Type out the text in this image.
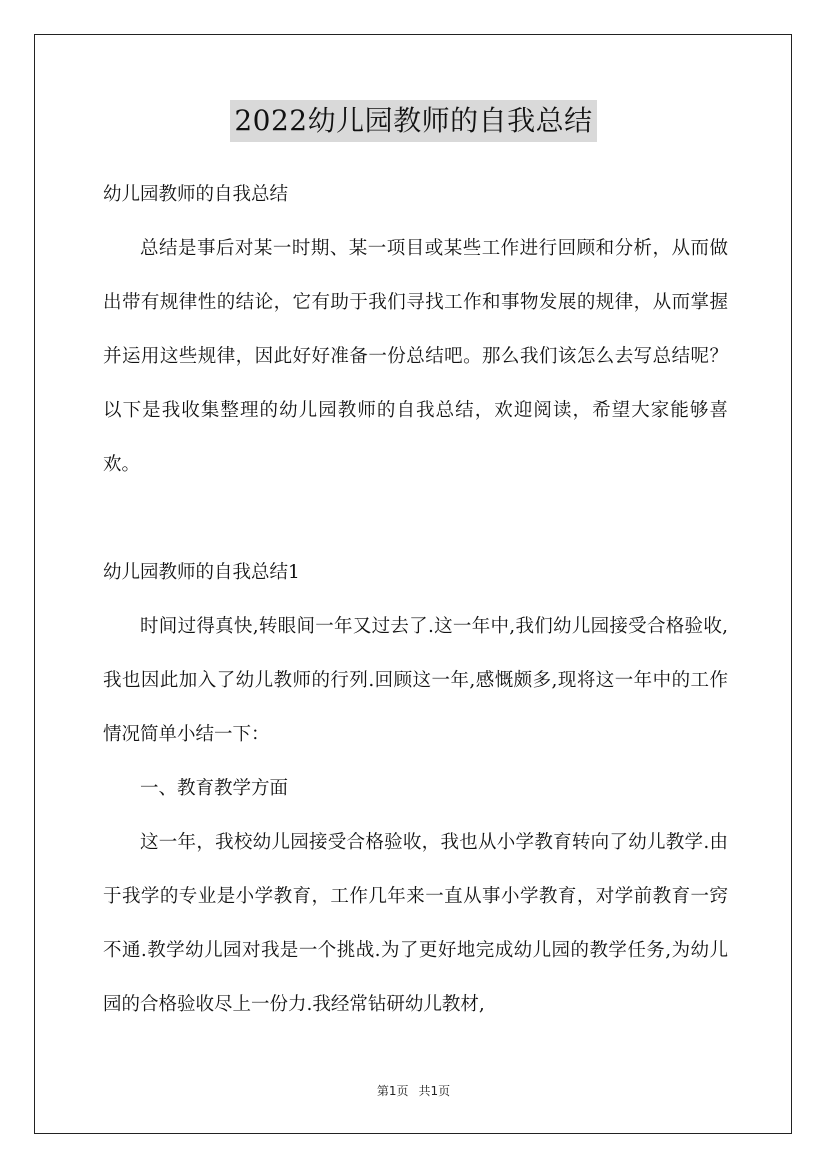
2022幼儿园教师的自我总结

幼儿园教师的自我总结

总结是事后对某一时期、某一项目或某些工作进行回顾和分析，从而做出带有规律性的结论，它有助于我们寻找工作和事物发展的规律，从而掌握并运用这些规律，因此好好准备一份总结吧。那么我们该怎么去写总结呢？以下是我收集整理的幼儿园教师的自我总结，欢迎阅读，希望大家能够喜欢。

幼儿园教师的自我总结1

时间过得真快,转眼间一年又过去了.这一年中,我们幼儿园接受合格验收,我也因此加入了幼儿教师的行列.回顾这一年,感慨颇多,现将这一年中的工作情况简单小结一下：

一、教育教学方面

这一年，我校幼儿园接受合格验收，我也从小学教育转向了幼儿教学.由于我学的专业是小学教育，工作几年来一直从事小学教育，对学前教育一窍不通.教学幼儿园对我是一个挑战.为了更好地完成幼儿园的教学任务,为幼儿园的合格验收尽上一份力.我经常钻研幼儿教材,

第1页 共1页
